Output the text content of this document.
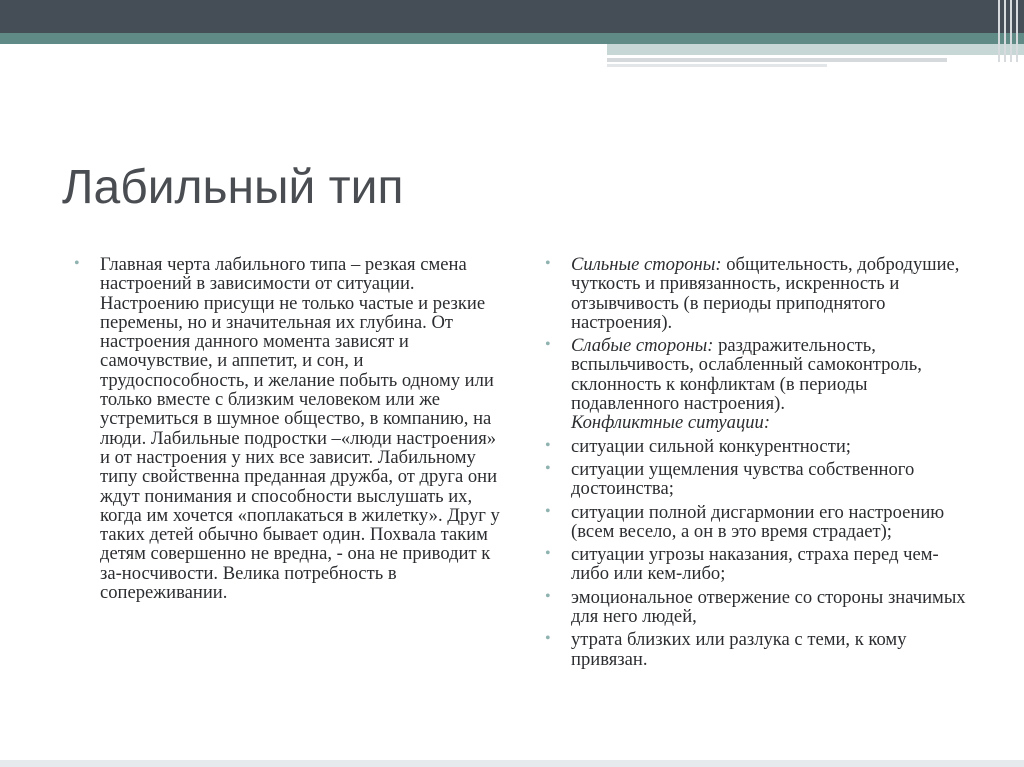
Лабильный тип
• Главная черта лабильного типа – резкая смена настроений в зависимости от ситуации. Настроению присущи не только частые и резкие перемены, но и значительная их глубина. От настроения данного момента зависят и самочувствие, и аппетит, и сон, и трудоспособность, и желание побыть одному или только вместе с близким человеком или же устремиться в шумное общество, в компанию, на люди. Лабильные подростки –«люди настроения» и от настроения у них все зависит. Лабильному типу свойственна преданная дружба, от друга они ждут понимания и способности выслушать их, когда им хочется «поплакаться в жилетку». Друг у таких детей обычно бывает один. Похвала таким детям совершенно не вредна, - она не приводит к за-носчивости. Велика потребность в сопереживании.
• Сильные стороны: общительность, добродушие, чуткость и привязанность, искренность и отзывчивость (в периоды приподнятого настроения).
• Слабые стороны: раздражительность, вспыльчивость, ослабленный самоконтроль, склонность к конфликтам (в периоды подавленного настроения).
Конфликтные ситуации:
• ситуации сильной конкурентности;
• ситуации ущемления чувства собственного достоинства;
• ситуации полной дисгармонии его настроению (всем весело, а он в это время страдает);
• ситуации угрозы наказания, страха перед чем-либо или кем-либо;
• эмоциональное отвержение со стороны значимых для него людей,
• утрата близких или разлука с теми, к кому привязан.
